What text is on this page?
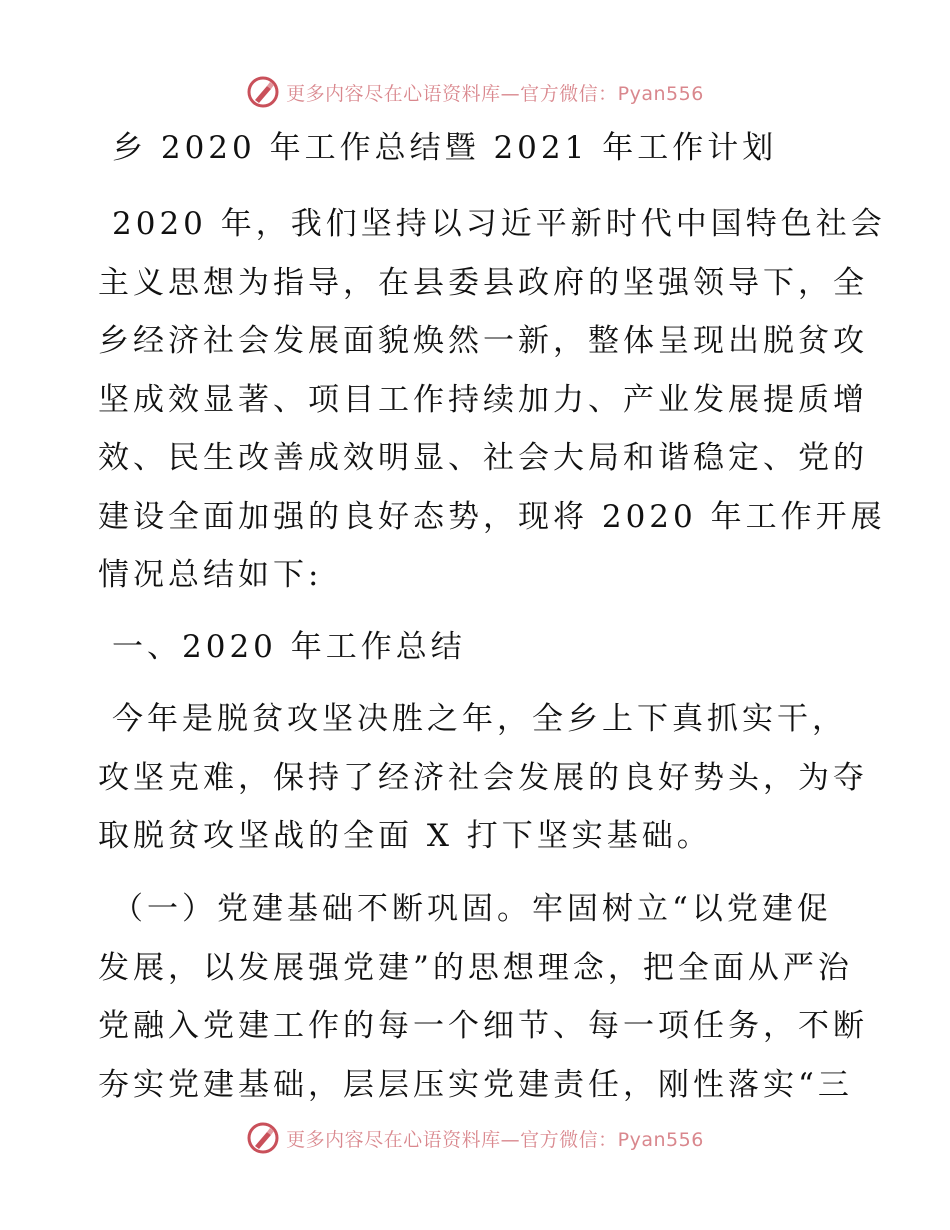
更多内容尽在心语资料库—官方微信：Pyan556
乡 2020 年工作总结暨 2021 年工作计划
2020 年，我们坚持以习近平新时代中国特色社会
主义思想为指导，在县委县政府的坚强领导下，全
乡经济社会发展面貌焕然一新，整体呈现出脱贫攻
坚成效显著、项目工作持续加力、产业发展提质增
效、民生改善成效明显、社会大局和谐稳定、党的
建设全面加强的良好态势，现将 2020 年工作开展
情况总结如下:
一、2020 年工作总结
今年是脱贫攻坚决胜之年，全乡上下真抓实干，
攻坚克难，保持了经济社会发展的良好势头，为夺
取脱贫攻坚战的全面 X 打下坚实基础。
（一）党建基础不断巩固。牢固树立“以党建促
发展，以发展强党建”的思想理念，把全面从严治
党融入党建工作的每一个细节、每一项任务，不断
夯实党建基础，层层压实党建责任，刚性落实“三
更多内容尽在心语资料库—官方微信：Pyan556
